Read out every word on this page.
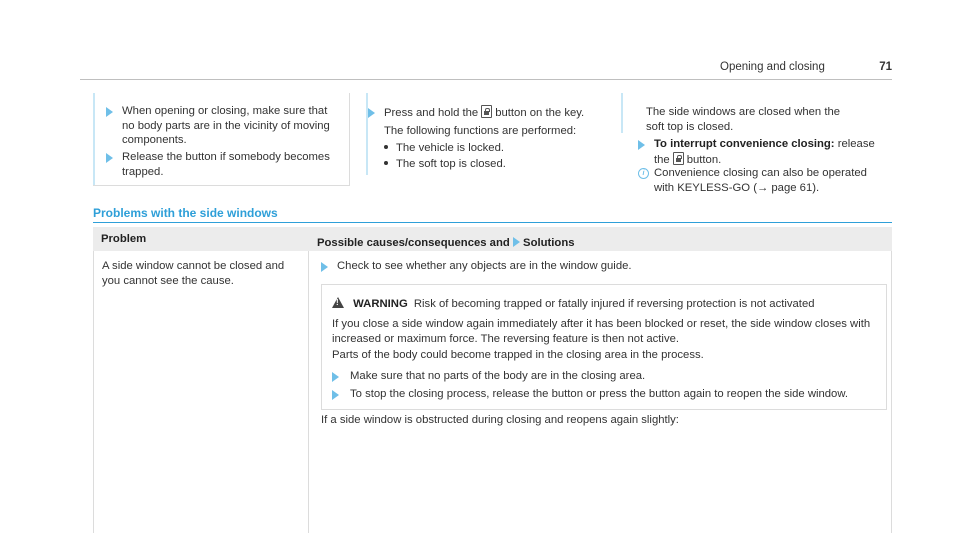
Opening and closing	71
When opening or closing, make sure that no body parts are in the vicinity of moving components.
Release the button if somebody becomes trapped.
Press and hold the button on the key.
The following functions are performed:
The vehicle is locked.
The soft top is closed.
The side windows are closed when the soft top is closed.
To interrupt convenience closing: release the button.
i Convenience closing can also be operated with KEYLESS-GO (→ page 61).
Problems with the side windows
Problem	Possible causes/consequences and Solutions
A side window cannot be closed and you cannot see the cause.
Check to see whether any objects are in the window guide.
! WARNING Risk of becoming trapped or fatally injured if reversing protection is not activated
If you close a side window again immediately after it has been blocked or reset, the side window closes with increased or maximum force. The reversing feature is then not active.
Parts of the body could become trapped in the closing area in the process.
Make sure that no parts of the body are in the closing area.
To stop the closing process, release the button or press the button again to reopen the side window.
If a side window is obstructed during closing and reopens again slightly:
